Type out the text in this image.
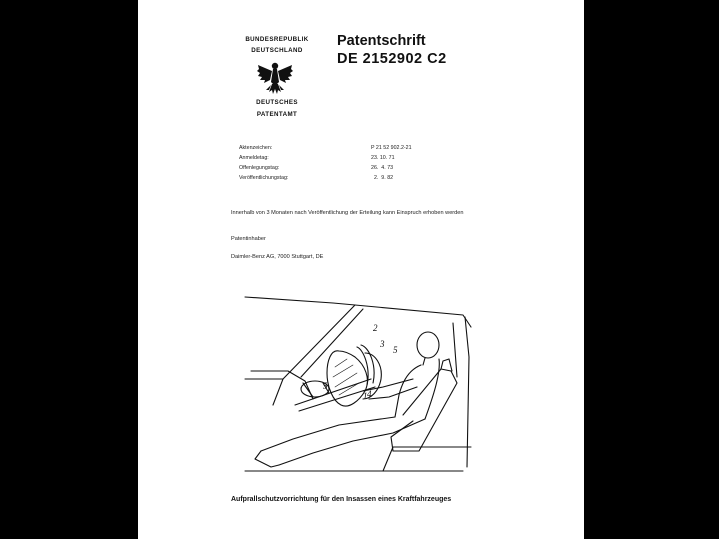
BUNDESREPUBLIK
DEUTSCHLAND
DEUTSCHES
PATENTAMT
Patentschrift
DE 2152902 C2
Aktenzeichen:	P 21 52 902.2-21
Anmeldetag:	23. 10. 71
Offenlegungstag:	26.  4. 73
Veröffentlichungstag:	2.  9. 82
Innerhalb von 3 Monaten nach Veröffentlichung der Erteilung kann Einspruch erhoben werden
Patentinhaber
Daimler-Benz AG, 7000 Stuttgart, DE
1
2
3
4
5
5
Aufprallschutzvorrichtung für den Insassen eines Kraftfahrzeuges
